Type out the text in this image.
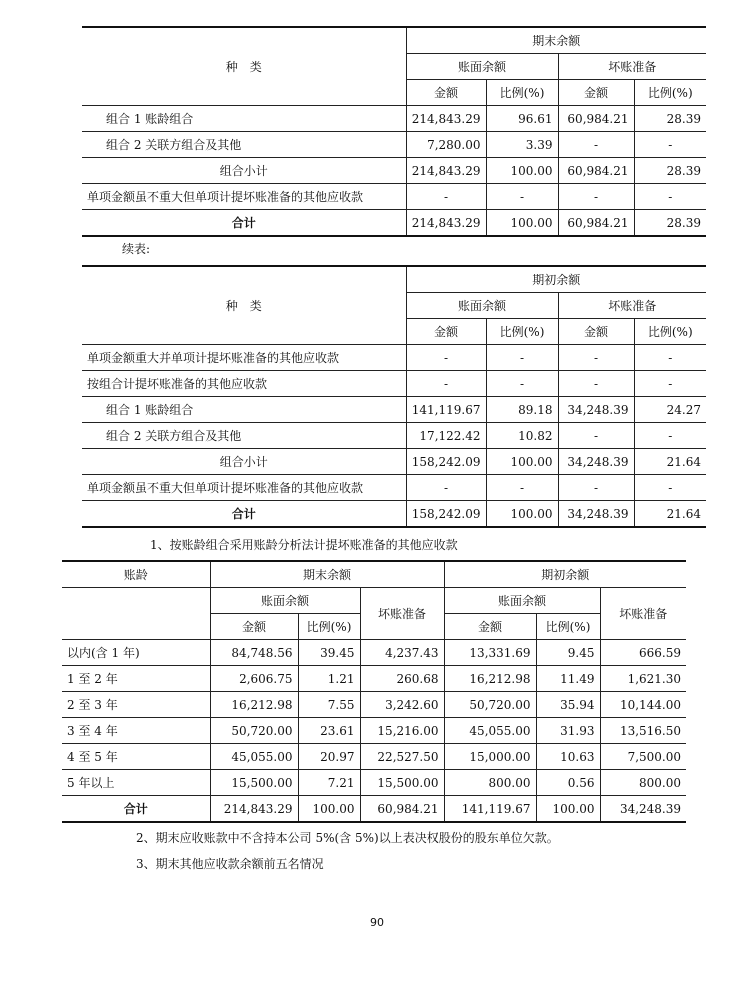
种　类	期末余额			
	账面余额		坏账准备	
	金额	比例(%)	金额	比例(%)
组合 1 账龄组合	214,843.29	96.61	60,984.21	28.39
组合 2 关联方组合及其他	7,280.00	3.39	-	-
组合小计	214,843.29	100.00	60,984.21	28.39
单项金额虽不重大但单项计提坏账准备的其他应收款	-	-	-	-
合计	214,843.29	100.00	60,984.21	28.39
续表:
种　类	期初余额			
	账面余额		坏账准备	
	金额	比例(%)	金额	比例(%)
单项金额重大并单项计提坏账准备的其他应收款	-	-	-	-
按组合计提坏账准备的其他应收款	-	-	-	-
组合 1 账龄组合	141,119.67	89.18	34,248.39	24.27
组合 2 关联方组合及其他	17,122.42	10.82	-	-
组合小计	158,242.09	100.00	34,248.39	21.64
单项金额虽不重大但单项计提坏账准备的其他应收款	-	-	-	-
合计	158,242.09	100.00	34,248.39	21.64
1、按账龄组合采用账龄分析法计提坏账准备的其他应收款
账龄	期末余额			期初余额		
	账面余额		坏账准备	账面余额		坏账准备
	金额	比例(%)		金额	比例(%)	
以内(含 1 年)	84,748.56	39.45	4,237.43	13,331.69	9.45	666.59
1 至 2 年	2,606.75	1.21	260.68	16,212.98	11.49	1,621.30
2 至 3 年	16,212.98	7.55	3,242.60	50,720.00	35.94	10,144.00
3 至 4 年	50,720.00	23.61	15,216.00	45,055.00	31.93	13,516.50
4 至 5 年	45,055.00	20.97	22,527.50	15,000.00	10.63	7,500.00
5 年以上	15,500.00	7.21	15,500.00	800.00	0.56	800.00
合计	214,843.29	100.00	60,984.21	141,119.67	100.00	34,248.39
2、期末应收账款中不含持本公司 5%(含 5%)以上表决权股份的股东单位欠款。
3、期末其他应收款余额前五名情况
90
